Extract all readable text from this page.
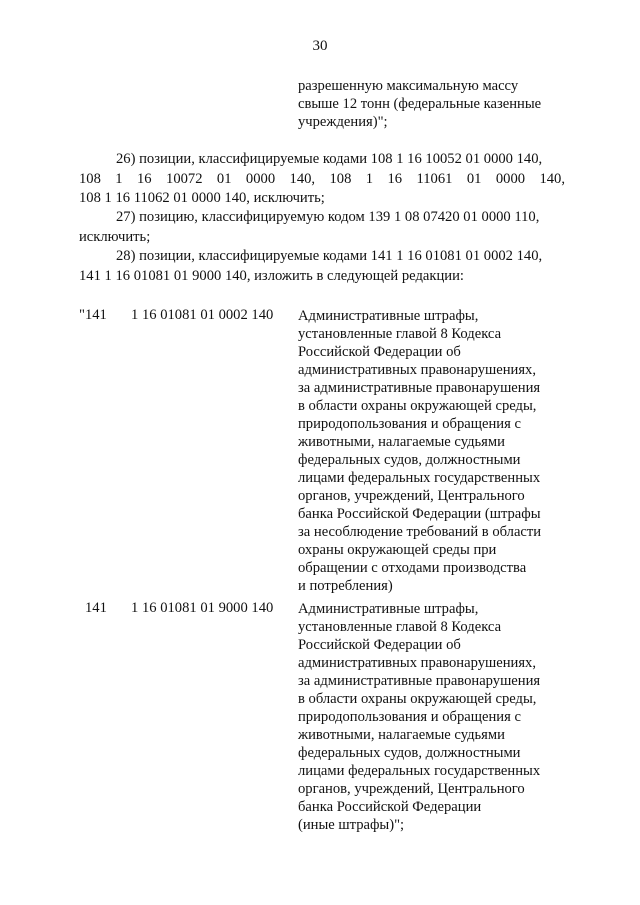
30
разрешенную максимальную массу
свыше 12 тонн (федеральные казенные
учреждения)";
26) позиции, классифицируемые кодами 108 1 16 10052 01 0000 140,
108 1 16 10072 01 0000 140, 108 1 16 11061 01 0000 140,
108 1 16 11062 01 0000 140, исключить;
27) позицию, классифицируемую кодом 139 1 08 07420 01 0000 110,
исключить;
28) позиции, классифицируемые кодами 141 1 16 01081 01 0002 140,
141 1 16 01081 01 9000 140, изложить в следующей редакции:
"141 1 16 01081 01 0002 140 Административные штрафы,
установленные главой 8 Кодекса
Российской Федерации об
административных правонарушениях,
за административные правонарушения
в области охраны окружающей среды,
природопользования и обращения с
животными, налагаемые судьями
федеральных судов, должностными
лицами федеральных государственных
органов, учреждений, Центрального
банка Российской Федерации (штрафы
за несоблюдение требований в области
охраны окружающей среды при
обращении с отходами производства
и потребления)
141 1 16 01081 01 9000 140 Административные штрафы,
установленные главой 8 Кодекса
Российской Федерации об
административных правонарушениях,
за административные правонарушения
в области охраны окружающей среды,
природопользования и обращения с
животными, налагаемые судьями
федеральных судов, должностными
лицами федеральных государственных
органов, учреждений, Центрального
банка Российской Федерации
(иные штрафы)";
